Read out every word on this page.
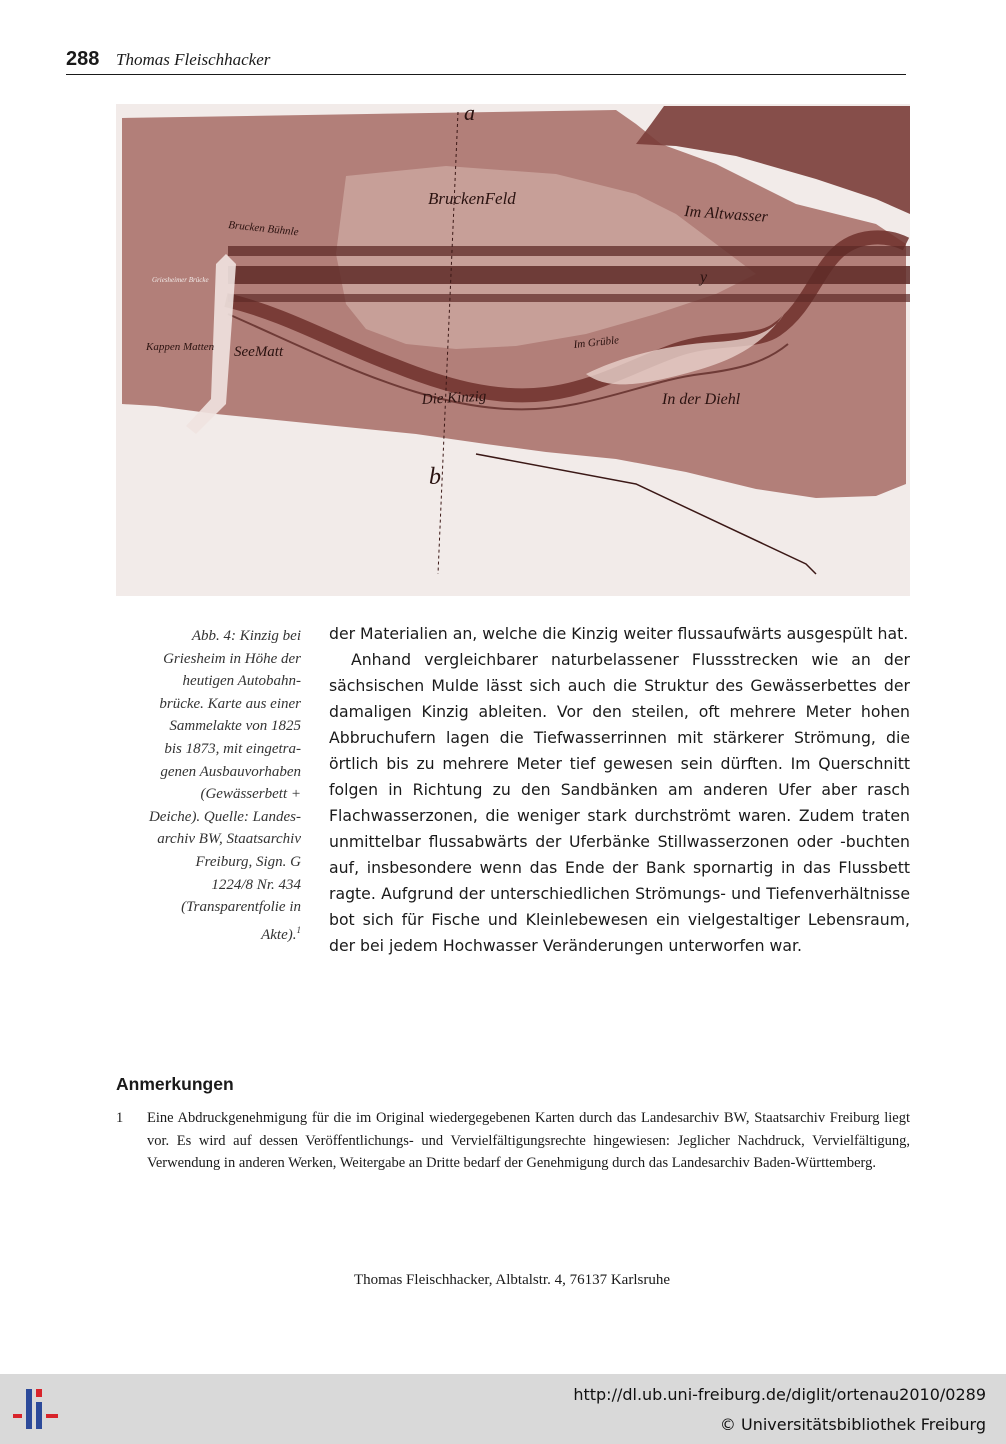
288 Thomas Fleischhacker
a
b
y
BruckenFeld
Im Altwasser
Brucken Bühnle
Griesheimer Brücke
Kappen Matten SeeMatt
Im Grüble
Die Kinzig	In der Diehl
Abb. 4: Kinzig bei
Griesheim in Höhe der
heutigen Autobahn-
brücke. Karte aus einer
Sammelakte von 1825
bis 1873, mit eingetra-
genen Ausbauvorhaben
(Gewässerbett +
Deiche). Quelle: Landes-
archiv BW, Staatsarchiv
Freiburg, Sign. G
1224/8 Nr. 434
(Transparentfolie in
Akte).$^1$

der Materialien an, welche die Kinzig weiter flussaufwärts ausgespült hat.

Anhand vergleichbarer naturbelassener Flussstrecken wie an der sächsischen Mulde lässt sich auch die Struktur des Gewässerbettes der damaligen Kinzig ableiten. Vor den steilen, oft mehrere Meter hohen Abbruchufern lagen die Tiefwasserrinnen mit stärkerer Strömung, die örtlich bis zu mehrere Meter tief gewesen sein dürften. Im Querschnitt folgen in Richtung zu den Sandbänken am anderen Ufer aber rasch Flachwasserzonen, die weniger stark durchströmt waren. Zudem traten unmittelbar flussabwärts der Uferbänke Stillwasserzonen oder -buchten auf, insbesondere wenn das Ende der Bank spornartig in das Flussbett ragte. Aufgrund der unterschiedlichen Strömungs- und Tiefenverhältnisse bot sich für Fische und Kleinlebewesen ein vielgestaltiger Lebensraum, der bei jedem Hochwasser Veränderungen unterworfen war.

Anmerkungen
1 Eine Abdruckgenehmigung für die im Original wiedergegebenen Karten durch das Landesarchiv BW, Staatsarchiv Freiburg liegt vor. Es wird auf dessen Veröffentlichungs- und Vervielfältigungsrechte hingewiesen: Jeglicher Nachdruck, Vervielfältigung, Verwendung in anderen Werken, Weitergabe an Dritte bedarf der Genehmigung durch das Landesarchiv Baden-Württemberg.
Thomas Fleischhacker, Albtalstr. 4, 76137 Karlsruhe
http://dl.ub.uni-freiburg.de/diglit/ortenau2010/0289
© Universitätsbibliothek Freiburg
